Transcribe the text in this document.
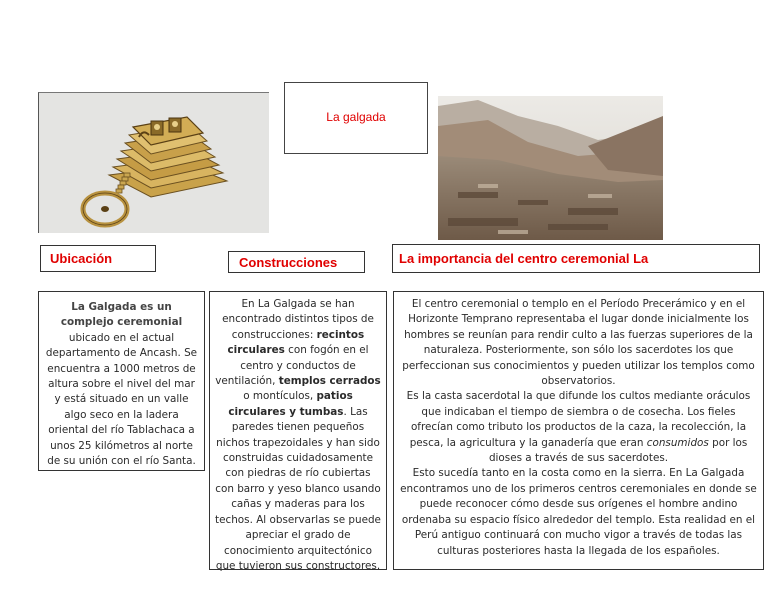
La galgada
Ubicación	Construcciones	La importancia del centro ceremonial La
La Galgada es un complejo ceremonial ubicado en el actual departamento de Ancash. Se encuentra a 1000 metros de altura sobre el nivel del mar y está situado en un valle algo seco en la ladera oriental del río Tablachaca a unos 25 kilómetros al norte de su unión con el río Santa.
En La Galgada se han encontrado distintos tipos de construcciones: recintos circulares con fogón en el centro y conductos de ventilación, templos cerrados o montículos, patios circulares y tumbas. Las paredes tienen pequeños nichos trapezoidales y han sido construidas cuidadosamente con piedras de río cubiertas con barro y yeso blanco usando cañas y maderas para los techos. Al observarlas se puede apreciar el grado de conocimiento arquitectónico que tuvieron sus constructores.
El centro ceremonial o templo en el Período Precerámico y en el Horizonte Temprano representaba el lugar donde inicialmente los hombres se reunían para rendir culto a las fuerzas superiores de la naturaleza. Posteriormente, son sólo los sacerdotes los que perfeccionan sus conocimientos y pueden utilizar los templos como observatorios.
Es la casta sacerdotal la que difunde los cultos mediante oráculos que indicaban el tiempo de siembra o de cosecha. Los fieles ofrecían como tributo los productos de la caza, la recolección, la pesca, la agricultura y la ganadería que eran consumidos por los dioses a través de sus sacerdotes.
Esto sucedía tanto en la costa como en la sierra. En La Galgada encontramos uno de los primeros centros ceremoniales en donde se puede reconocer cómo desde sus orígenes el hombre andino ordenaba su espacio físico alrededor del templo. Esta realidad en el Perú antiguo continuará con mucho vigor a través de todas las culturas posteriores hasta la llegada de los españoles.
